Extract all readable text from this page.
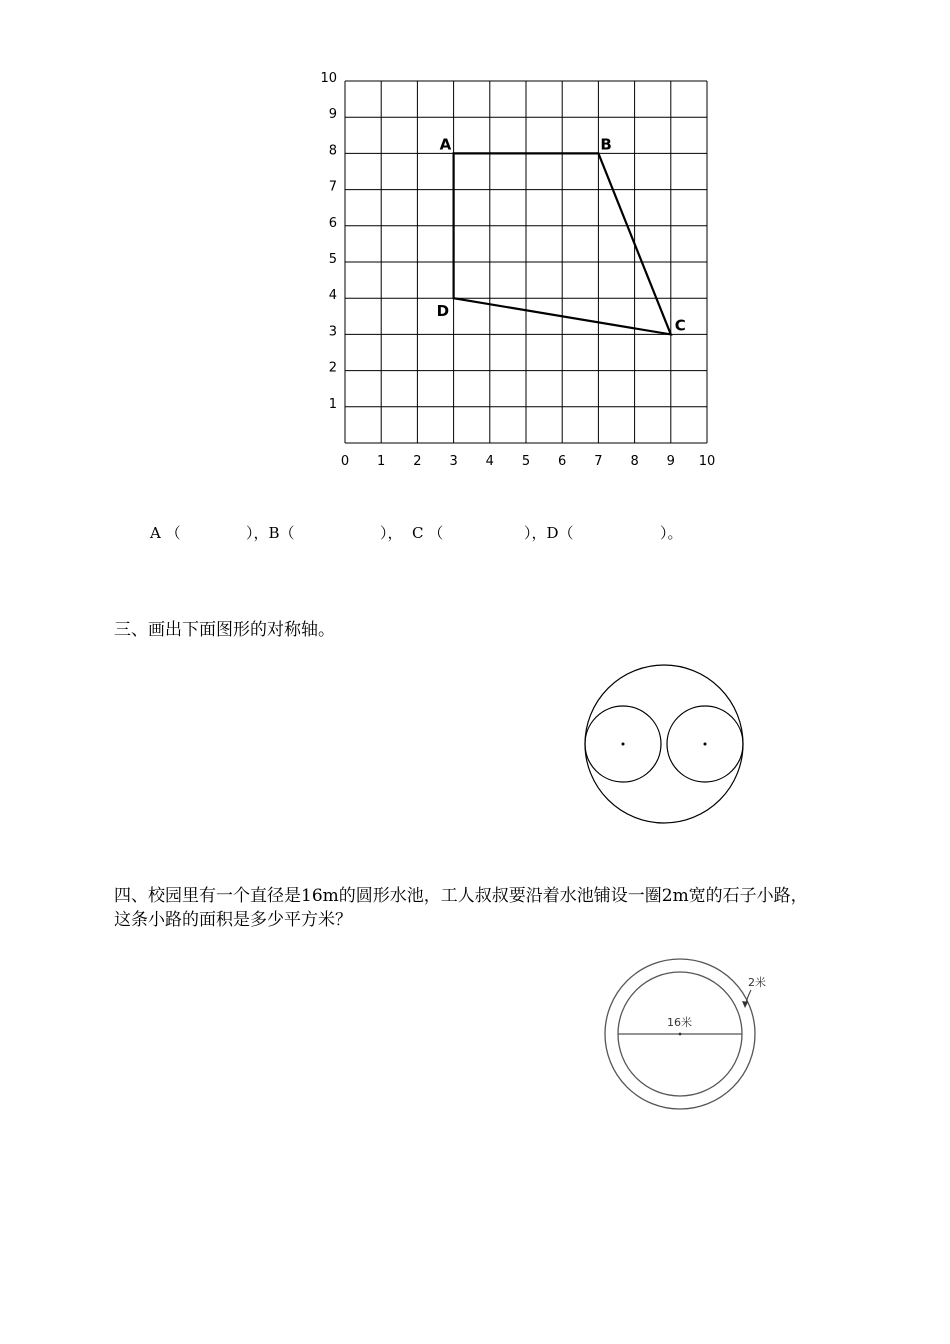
0 1 2 3 4 5 6 7 8 9 10
1
2
3
4
5
6
7
8
9
10
A	B
C
D
A （	），B（	），  C （	），D（	）。
三、画出下面图形的对称轴。
四、校园里有一个直径是16m的圆形水池，工人叔叔要沿着水池铺设一圈2m宽的石子小路，
这条小路的面积是多少平方米？
16米
2米
